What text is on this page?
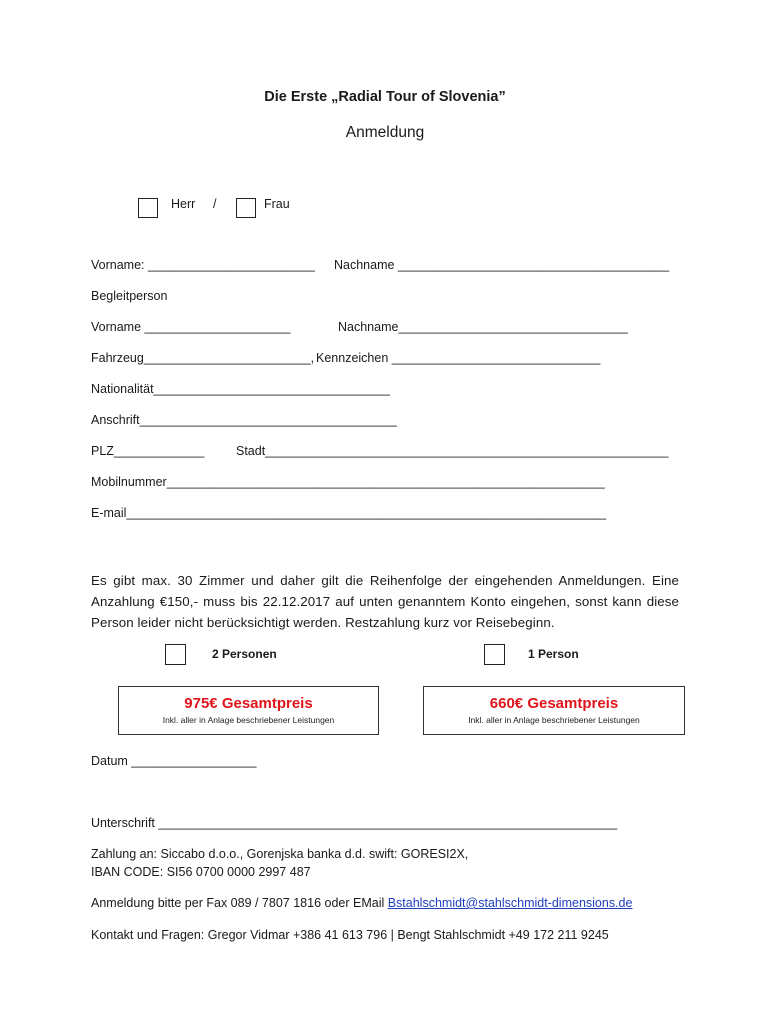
Die Erste „Radial Tour of Slovenia”
Anmeldung
Herr /	Frau
Vorname: ________________________ Nachname _______________________________________
Begleitperson
Vorname _____________________	Nachname_________________________________
Fahrzeug________________________, Kennzeichen ______________________________
Nationalität__________________________________
Anschrift_____________________________________
PLZ_____________	Stadt__________________________________________________________
Mobilnummer_______________________________________________________________
E-mail_____________________________________________________________________
Es gibt max. 30 Zimmer und daher gilt die Reihenfolge der eingehenden Anmeldungen. Eine Anzahlung €150,- muss bis 22.12.2017 auf unten genanntem Konto eingehen, sonst kann diese Person leider nicht berücksichtigt werden. Restzahlung kurz vor Reisebeginn.
2 Personen	1 Person
975€ Gesamtpreis
Inkl. aller in Anlage beschriebener Leistungen
660€ Gesamtpreis
Inkl. aller in Anlage beschriebener Leistungen
Datum __________________
Unterschrift __________________________________________________________________
Zahlung an: Siccabo d.o.o., Gorenjska banka d.d. swift: GORESI2X,
IBAN CODE: SI56 0700 0000 2997 487
Anmeldung bitte per Fax 089 / 7807 1816 oder EMail Bstahlschmidt@stahlschmidt-dimensions.de
Kontakt und Fragen: Gregor Vidmar +386 41 613 796 | Bengt Stahlschmidt +49 172 211 9245
